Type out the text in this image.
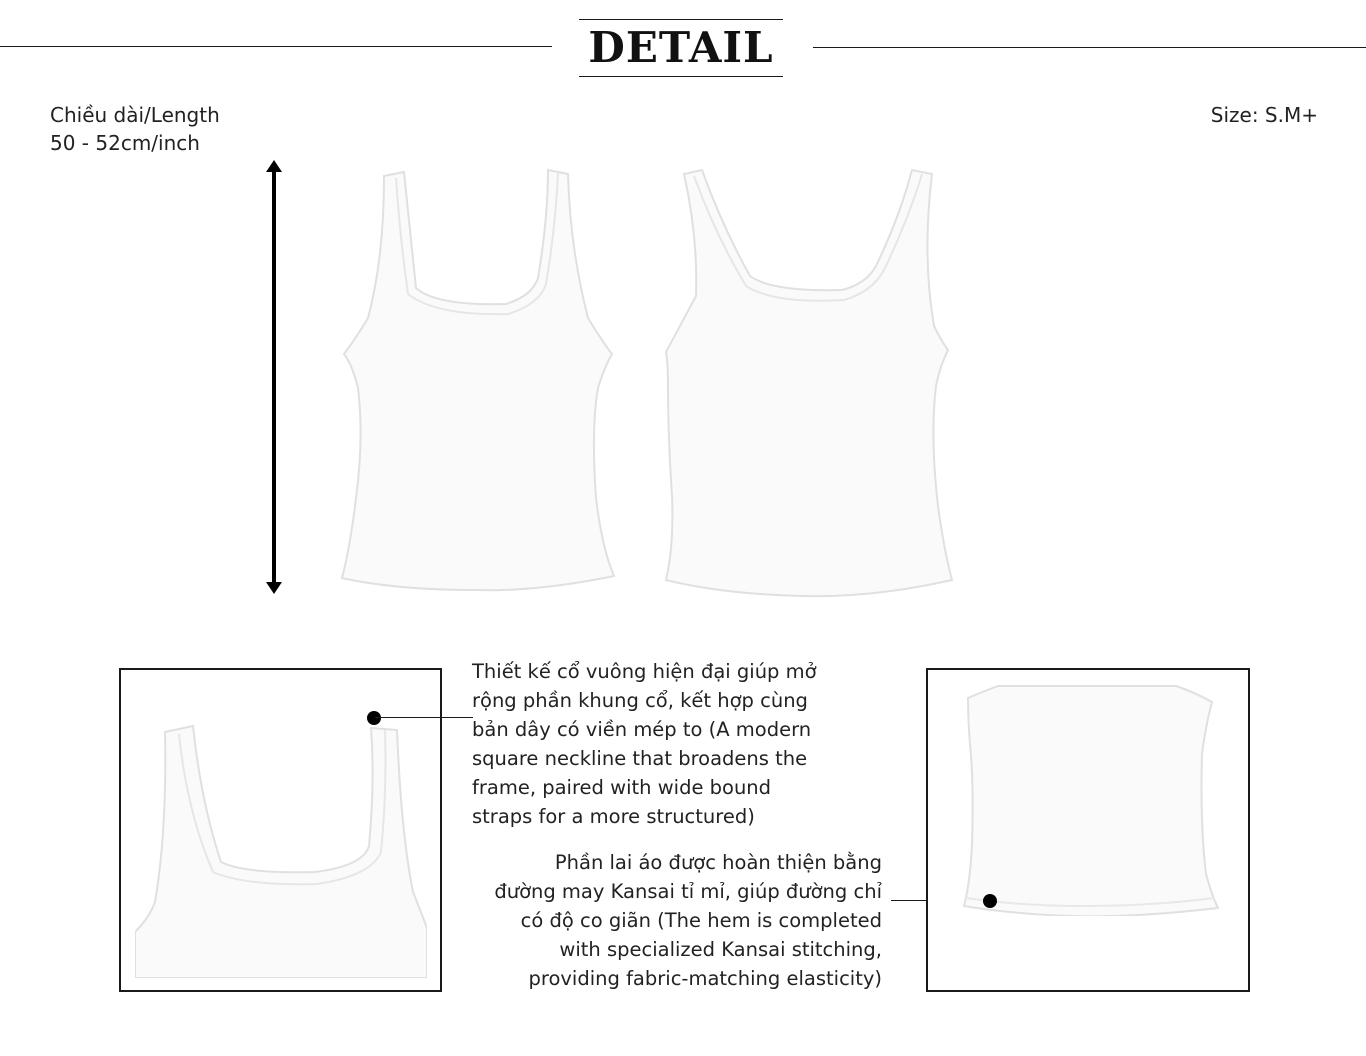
DETAIL
Chiều dài/Length
50 - 52cm/inch
Size: S.M+
Thiết kế cổ vuông hiện đại giúp mở
rộng phần khung cổ, kết hợp cùng
bản dây có viền mép to (A modern
square neckline that broadens the
frame, paired with wide bound
straps for a more structured)
Phần lai áo được hoàn thiện bằng
đường may Kansai tỉ mỉ, giúp đường chỉ
có độ co giãn (The hem is completed
with specialized Kansai stitching,
providing fabric-matching elasticity)
